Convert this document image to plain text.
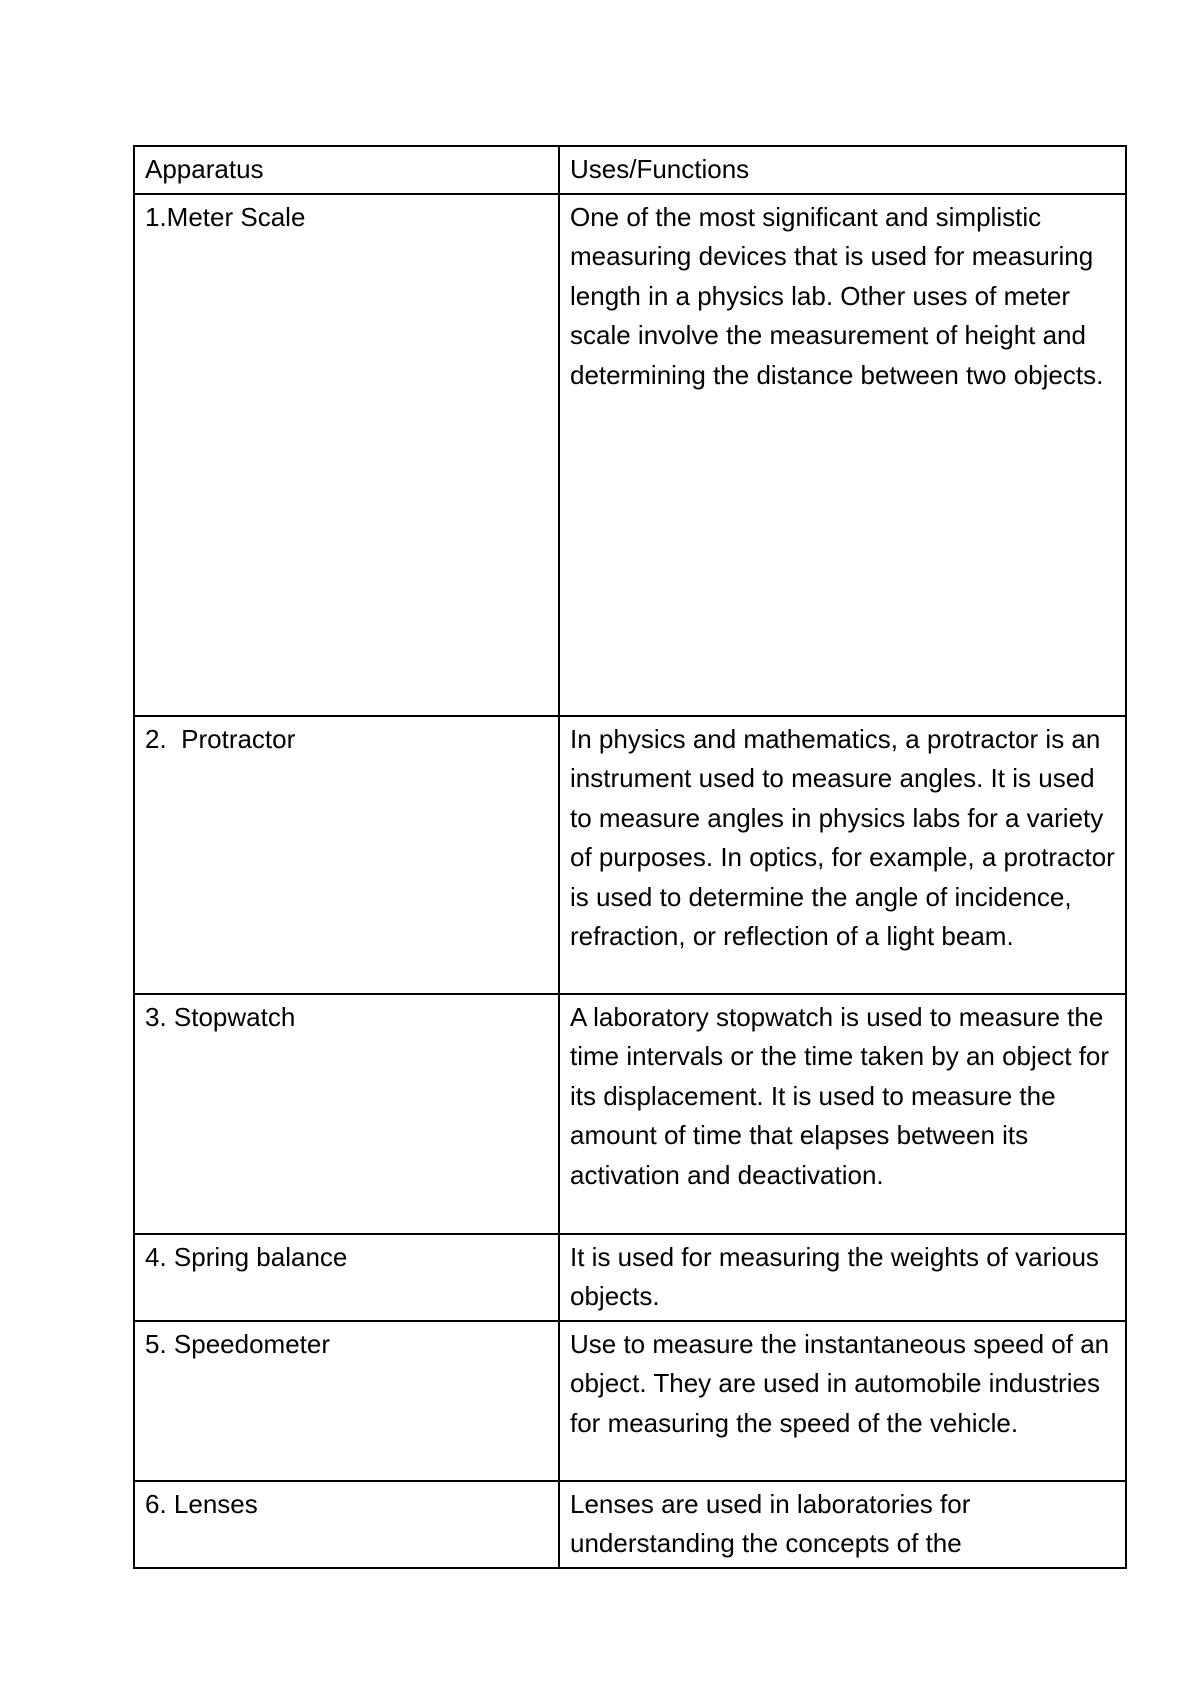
Apparatus	Uses/Functions
1.Meter Scale	One of the most significant and simplistic measuring devices that is used for measuring length in a physics lab. Other uses of meter scale involve the measurement of height and determining the distance between two objects.
2.  Protractor	In physics and mathematics, a protractor is an instrument used to measure angles. It is used to measure angles in physics labs for a variety of purposes. In optics, for example, a protractor is used to determine the angle of incidence, refraction, or reflection of a light beam.
3. Stopwatch	A laboratory stopwatch is used to measure the time intervals or the time taken by an object for its displacement. It is used to measure the amount of time that elapses between its activation and deactivation.
4. Spring balance	It is used for measuring the weights of various objects.
5. Speedometer	Use to measure the instantaneous speed of an object. They are used in automobile industries for measuring the speed of the vehicle.
6. Lenses	Lenses are used in laboratories for understanding the concepts of the
